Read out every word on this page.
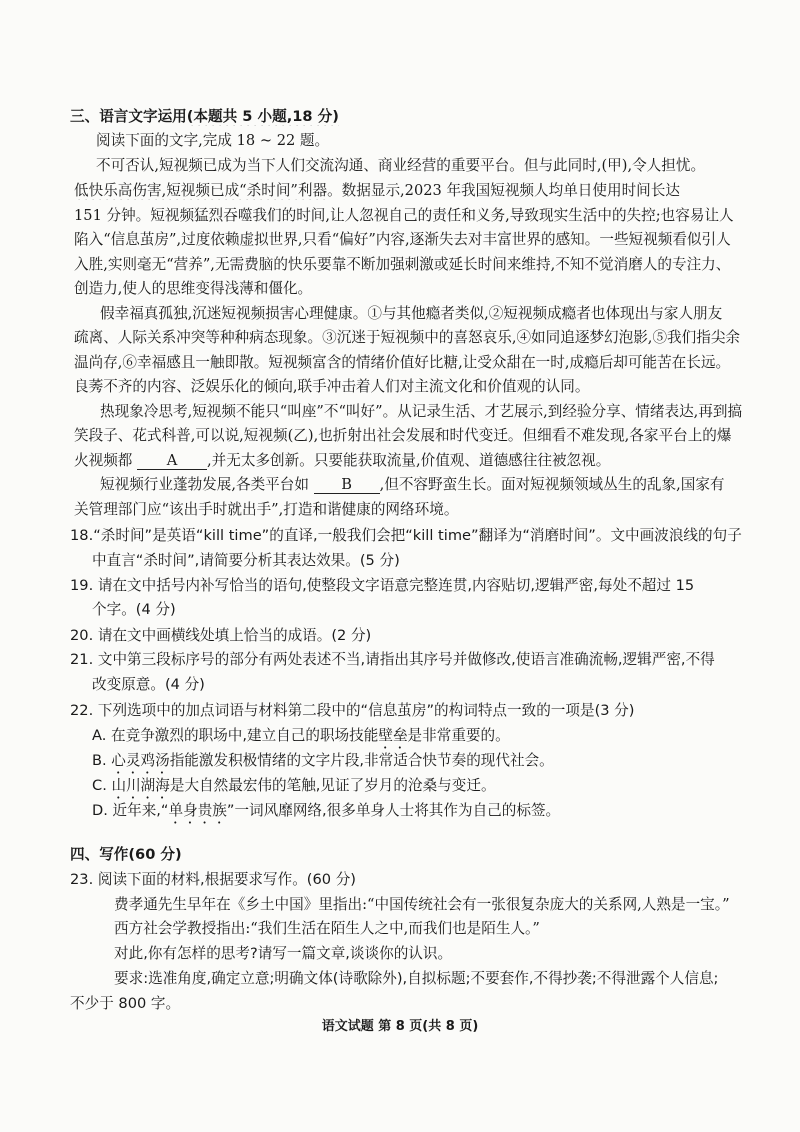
三、语言文字运用(本题共 5 小题,18 分)
阅读下面的文字,完成 18 ~ 22 题。
不可否认,短视频已成为当下人们交流沟通、商业经营的重要平台。但与此同时,(甲),令人担忧。
低快乐高伤害,短视频已成“杀时间”利器。数据显示,2023 年我国短视频人均单日使用时间长达
151 分钟。短视频猛烈吞噬我们的时间,让人忽视自己的责任和义务,导致现实生活中的失控;也容易让人
陷入“信息茧房”,过度依赖虚拟世界,只看“偏好”内容,逐渐失去对丰富世界的感知。一些短视频看似引人
入胜,实则毫无“营养”,无需费脑的快乐要靠不断加强刺激或延长时间来维持,不知不觉消磨人的专注力、
创造力,使人的思维变得浅薄和僵化。
假幸福真孤独,沉迷短视频损害心理健康。①与其他瘾者类似,②短视频成瘾者也体现出与家人朋友
疏离、人际关系冲突等种种病态现象。③沉迷于短视频中的喜怒哀乐,④如同追逐梦幻泡影,⑤我们指尖余
温尚存,⑥幸福感且一触即散。短视频富含的情绪价值好比糖,让受众甜在一时,成瘾后却可能苦在长远。
良莠不齐的内容、泛娱乐化的倾向,联手冲击着人们对主流文化和价值观的认同。
热现象冷思考,短视频不能只“叫座”不“叫好”。从记录生活、才艺展示,到经验分享、情绪表达,再到搞
笑段子、花式科普,可以说,短视频(乙),也折射出社会发展和时代变迁。但细看不难发现,各家平台上的爆
火视频都 A ,并无太多创新。只要能获取流量,价值观、道德感往往被忽视。
短视频行业蓬勃发展,各类平台如 B ,但不容野蛮生长。面对短视频领域丛生的乱象,国家有
关管理部门应“该出手时就出手”,打造和谐健康的网络环境。
18.“杀时间”是英语“kill time”的直译,一般我们会把“kill time”翻译为“消磨时间”。文中画波浪线的句子
中直言“杀时间”,请简要分析其表达效果。(5 分)
19. 请在文中括号内补写恰当的语句,使整段文字语意完整连贯,内容贴切,逻辑严密,每处不超过 15
个字。(4 分)
20. 请在文中画横线处填上恰当的成语。(2 分)
21. 文中第三段标序号的部分有两处表述不当,请指出其序号并做修改,使语言准确流畅,逻辑严密,不得
改变原意。(4 分)
22. 下列选项中的加点词语与材料第二段中的“信息茧房”的构词特点一致的一项是(3 分)
A. 在竞争激烈的职场中,建立自己的职场技能壁垒是非常重要的。
B. 心灵鸡汤指能激发积极情绪的文字片段,非常适合快节奏的现代社会。
C. 山川湖海是大自然最宏伟的笔触,见证了岁月的沧桑与变迁。
D. 近年来,“单身贵族”一词风靡网络,很多单身人士将其作为自己的标签。
四、写作(60 分)
23. 阅读下面的材料,根据要求写作。(60 分)
费孝通先生早年在《乡土中国》里指出:“中国传统社会有一张很复杂庞大的关系网,人熟是一宝。”
西方社会学教授指出:“我们生活在陌生人之中,而我们也是陌生人。”
对此,你有怎样的思考?请写一篇文章,谈谈你的认识。
要求:选准角度,确定立意;明确文体(诗歌除外),自拟标题;不要套作,不得抄袭;不得泄露个人信息;
不少于 800 字。
语文试题 第 8 页(共 8 页)
